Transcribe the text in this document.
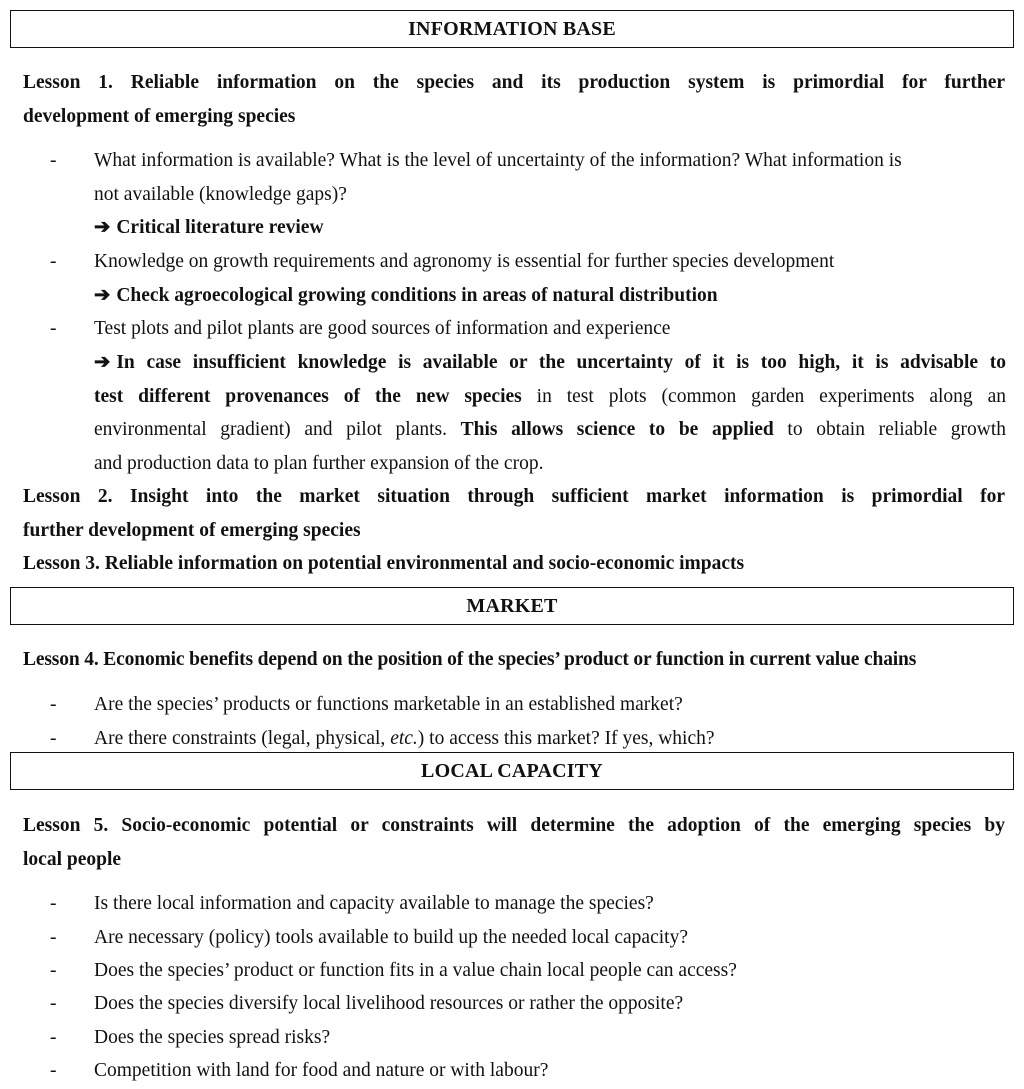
INFORMATION BASE
Lesson 1. Reliable information on the species and its production system is primordial for further
development of emerging species
- What information is available? What is the level of uncertainty of the information? What information is
not available (knowledge gaps)?
➔ Critical literature review
- Knowledge on growth requirements and agronomy is essential for further species development
➔ Check agroecological growing conditions in areas of natural distribution
- Test plots and pilot plants are good sources of information and experience
➔ In case insufficient knowledge is available or the uncertainty of it is too high, it is advisable to
test different provenances of the new species in test plots (common garden experiments along an
environmental gradient) and pilot plants. This allows science to be applied to obtain reliable growth
and production data to plan further expansion of the crop.
Lesson 2. Insight into the market situation through sufficient market information is primordial for
further development of emerging species
Lesson 3. Reliable information on potential environmental and socio-economic impacts
MARKET
Lesson 4. Economic benefits depend on the position of the species’ product or function in current value chains
- Are the species’ products or functions marketable in an established market?
- Are there constraints (legal, physical, etc.) to access this market? If yes, which?
LOCAL CAPACITY
Lesson 5. Socio-economic potential or constraints will determine the adoption of the emerging species by
local people
- Is there local information and capacity available to manage the species?
- Are necessary (policy) tools available to build up the needed local capacity?
- Does the species’ product or function fits in a value chain local people can access?
- Does the species diversify local livelihood resources or rather the opposite?
- Does the species spread risks?
- Competition with land for food and nature or with labour?
